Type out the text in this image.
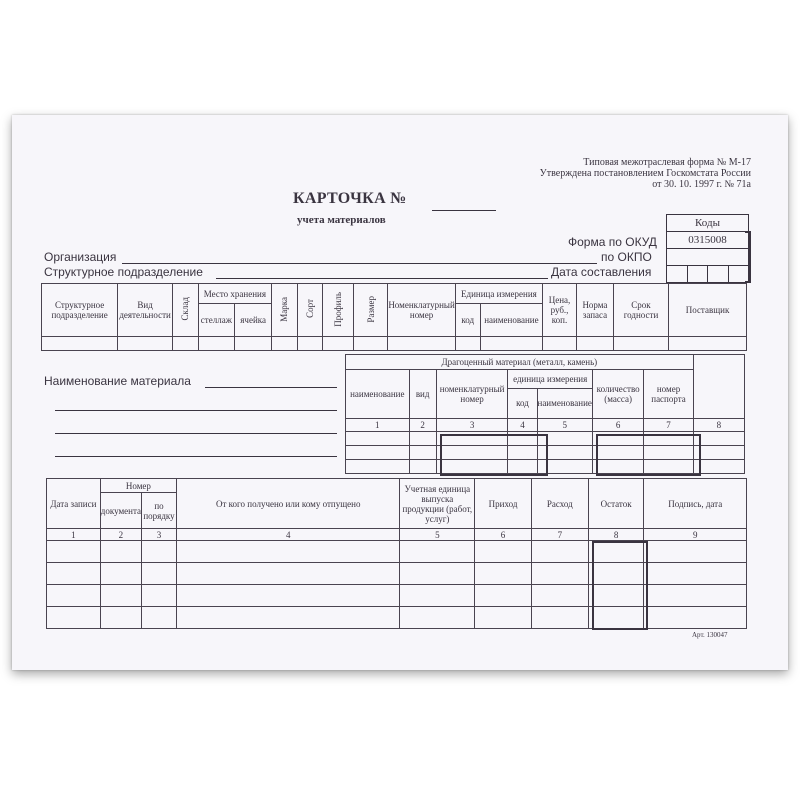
Типовая межотраслевая форма № М-17
Утверждена постановлением Госкомстата России
от 30. 10. 1997 г. № 71а
КАРТОЧКА №
учета материалов	Коды
0315008
Форма по ОКУД
по ОКПО
Организация
Структурное подразделение	Дата составления
Структурное подразделение	Вид деятельности	Склад	Место хранения		Марка	Сорт	Профиль	Размер	Номенклатурный номер	Единица измерения		Цена, руб., коп.	Норма запаса	Срок годности	Поставщик
			стеллаж	ячейка						код	наименование				

Наименование материала
Драгоценный материал (металл, камень)							
наименование	вид	номенклатурный номер	единица измерения		количество (масса)	номер паспорта	
			код	наименование			
1	2	3	4	5	6	7	8

Дата записи	Номер		От кого получено или кому отпущено	Учетная единица выпуска продукции (работ, услуг)	Приход	Расход	Остаток	Подпись, дата
	документа	по порядку						
1	2	3	4	5	6	7	8	9

Арт. 130047
